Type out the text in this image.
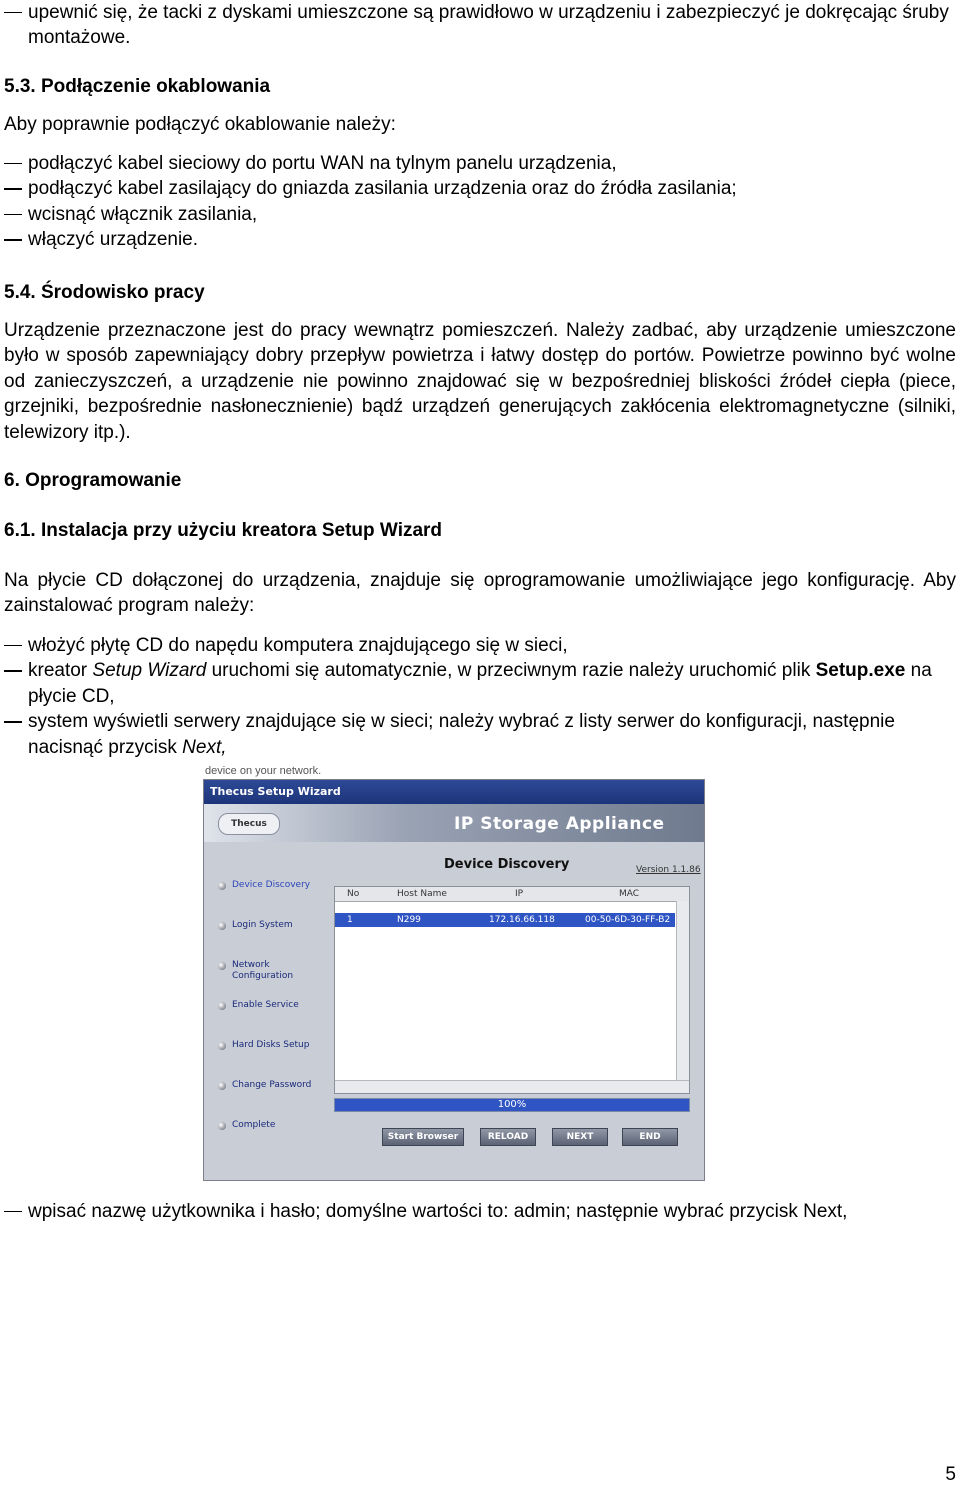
upewnić się, że tacki z dyskami umieszczone są prawidłowo w urządzeniu i zabezpieczyć je dokręcając śruby montażowe.
5.3. Podłączenie okablowania

Aby poprawnie podłączyć okablowanie należy:

podłączyć kabel sieciowy do portu WAN na tylnym panelu urządzenia,
podłączyć kabel zasilający do gniazda zasilania urządzenia oraz do źródła zasilania;
wcisnąć włącznik zasilania,
włączyć urządzenie.
5.4. Środowisko pracy

Urządzenie przeznaczone jest do pracy wewnątrz pomieszczeń. Należy zadbać, aby urządzenie umieszczone było w sposób zapewniający dobry przepływ powietrza i łatwy dostęp do portów. Powietrze powinno być wolne od zanieczyszczeń, a urządzenie nie powinno znajdować się w bezpośredniej bliskości źródeł ciepła (piece, grzejniki, bezpośrednie nasłonecznienie) bądź urządzeń generujących zakłócenia elektromagnetyczne (silniki, telewizory itp.).

6. Oprogramowanie
6.1. Instalacja przy użyciu kreatora Setup Wizard

Na płycie CD dołączonej do urządzenia, znajduje się oprogramowanie umożliwiające jego konfigurację. Aby zainstalować program należy:

włożyć płytę CD do napędu komputera znajdującego się w sieci,
kreator Setup Wizard uruchomi się automatycznie, w przeciwnym razie należy uruchomić plik Setup.exe na płycie CD,
system wyświetli serwery znajdujące się w sieci; należy wybrać z listy serwer do konfiguracji, następnie nacisnąć przycisk Next,
device on your network.
Thecus Setup Wizard
Thecus	IP Storage Appliance
Device Discovery	Version 1.1.86
Device Discovery
Login System
Network Configuration
Enable Service
Hard Disks Setup
Change Password
Complete
No	Host Name	IP	MAC
1	N299	172.16.66.118	00-50-6D-30-FF-B2
100%
Start Browser	RELOAD	NEXT	END
wpisać nazwę użytkownika i hasło; domyślne wartości to: admin; następnie wybrać przycisk Next,
5
